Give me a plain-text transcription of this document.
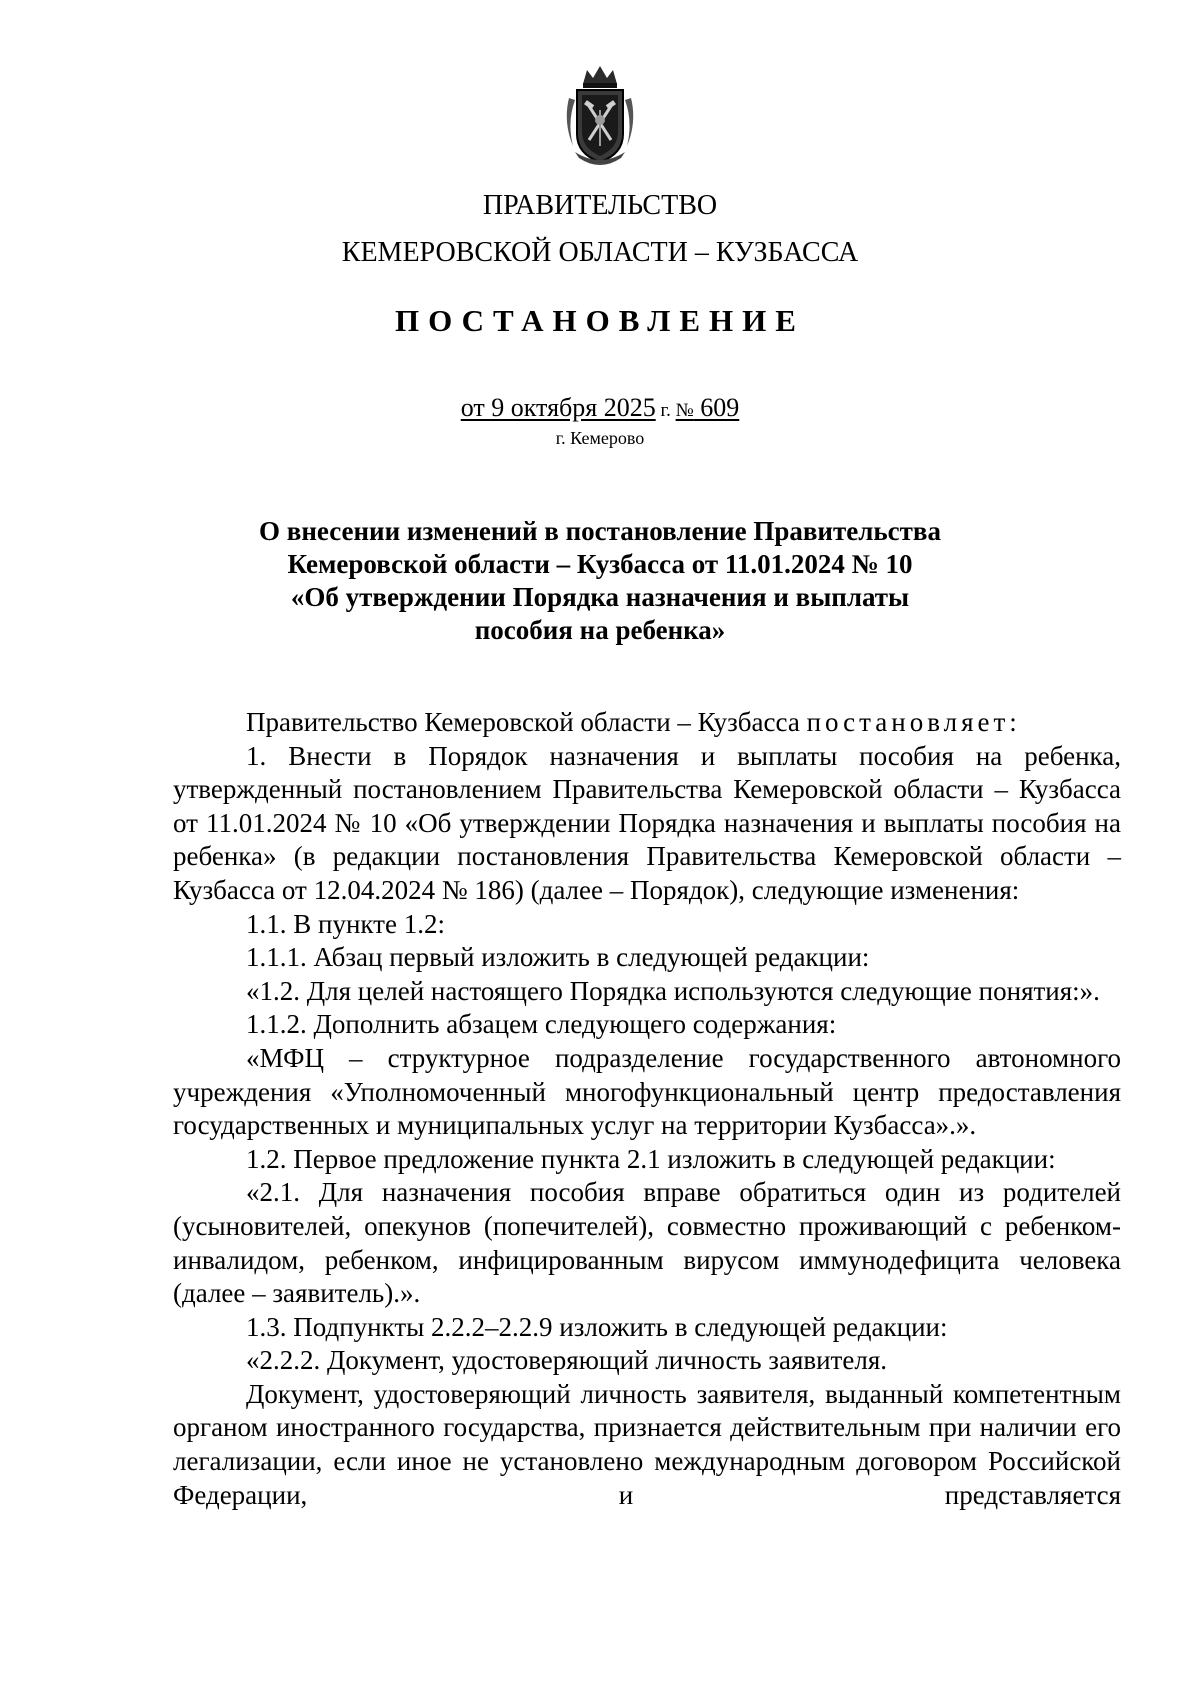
ПРАВИТЕЛЬСТВО
КЕМЕРОВСКОЙ ОБЛАСТИ – КУЗБАССА
ПОСТАНОВЛЕНИЕ
от 9 октября 2025 г. № 609
г. Кемерово
О внесении изменений в постановление Правительства
Кемеровской области – Кузбасса от 11.01.2024 № 10
«Об утверждении Порядка назначения и выплаты
пособия на ребенка»

Правительство Кемеровской области – Кузбасса постановляет:

1. Внести в Порядок назначения и выплаты пособия на ребенка, утвержденный постановлением Правительства Кемеровской области – Кузбасса от 11.01.2024 № 10 «Об утверждении Порядка назначения и выплаты пособия на ребенка» (в редакции постановления Правительства Кемеровской области – Кузбасса от 12.04.2024 № 186) (далее – Порядок), следующие изменения:

1.1. В пункте 1.2:

1.1.1. Абзац первый изложить в следующей редакции:

«1.2. Для целей настоящего Порядка используются следующие понятия:».

1.1.2. Дополнить абзацем следующего содержания:

«МФЦ – структурное подразделение государственного автономного учреждения «Уполномоченный многофункциональный центр предоставления государственных и муниципальных услуг на территории Кузбасса».».

1.2. Первое предложение пункта 2.1 изложить в следующей редакции:

«2.1. Для назначения пособия вправе обратиться один из родителей (усыновителей, опекунов (попечителей), совместно проживающий с ребенком-инвалидом, ребенком, инфицированным вирусом иммунодефицита человека (далее – заявитель).».

1.3. Подпункты 2.2.2–2.2.9 изложить в следующей редакции:

«2.2.2. Документ, удостоверяющий личность заявителя.

Документ, удостоверяющий личность заявителя, выданный компетентным органом иностранного государства, признается действительным при наличии его легализации, если иное не установлено международным договором Российской Федерации, и представляется
